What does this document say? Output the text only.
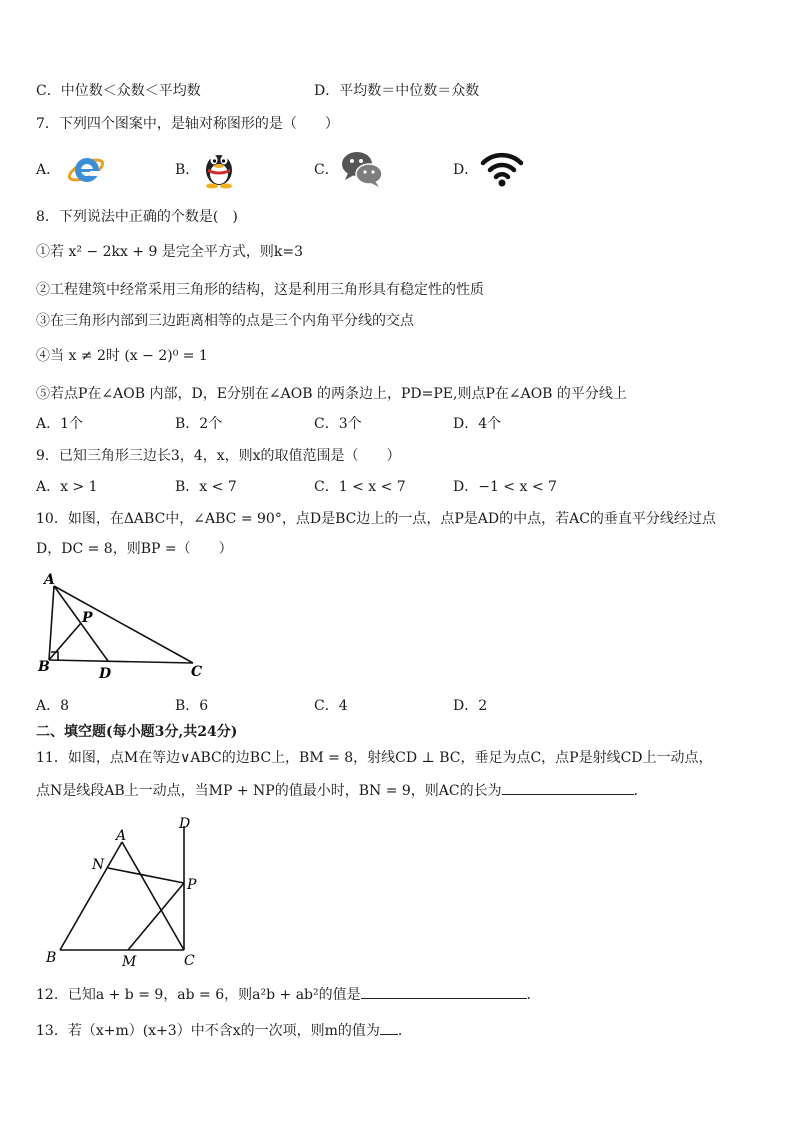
C．中位数＜众数＜平均数	D．平均数＝中位数＝众数
7．下列四个图案中，是轴对称图形的是（　　）
A．	B．	C．	D．
8．下列说法中正确的个数是(　)
①若 x² − 2kx + 9 是完全平方式，则k=3
②工程建筑中经常采用三角形的结构，这是利用三角形具有稳定性的性质
③在三角形内部到三边距离相等的点是三个内角平分线的交点
④当 x ≠ 2时 (x − 2)⁰ = 1
⑤若点P在∠AOB 内部，D，E分别在∠AOB 的两条边上，PD=PE,则点P在∠AOB 的平分线上
A．1个	B．2个	C．3个	D．4个
9．已知三角形三边长3，4，x，则x的取值范围是（　　）
A．x > 1	B．x < 7	C．1 < x < 7	D．−1 < x < 7
10．如图，在ΔABC中，∠ABC = 90°，点D是BC边上的一点，点P是AD的中点，若AC的垂直平分线经过点
D，DC = 8，则BP =（　　）
A
B	C
D
P
A．8	B．6	C．4	D．2
二、填空题(每小题3分,共24分)
11．如图，点M在等边∨ABC的边BC上，BM = 8，射线CD ⊥ BC，垂足为点C，点P是射线CD上一动点，
点N是线段AB上一动点，当MP + NP的值最小时，BN = 9，则AC的长为	．
A
B	C
D
M
N
P
12．已知a + b = 9，ab = 6，则a²b + ab²的值是	．
13．若（x+m）(x+3）中不含x的一次项，则m的值为 ．
